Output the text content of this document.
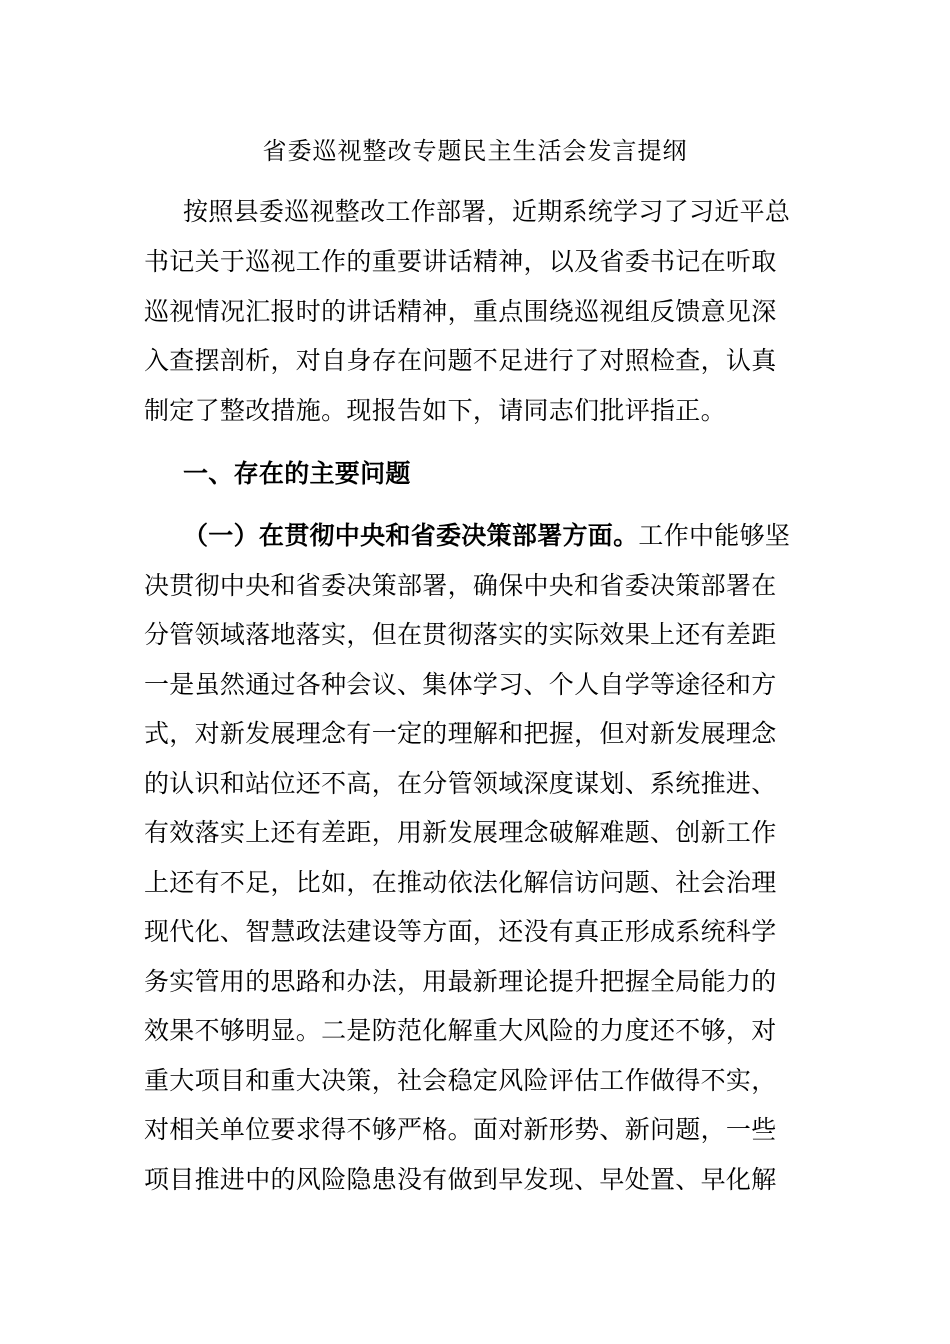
省委巡视整改专题民主生活会发言提纲
按照县委巡视整改工作部署，近期系统学习了习近平总
书记关于巡视工作的重要讲话精神，以及省委书记在听取
巡视情况汇报时的讲话精神，重点围绕巡视组反馈意见深
入查摆剖析，对自身存在问题不足进行了对照检查，认真
制定了整改措施。现报告如下，请同志们批评指正。
一、存在的主要问题
（一）在贯彻中央和省委决策部署方面。工作中能够坚
决贯彻中央和省委决策部署，确保中央和省委决策部署在
分管领域落地落实，但在贯彻落实的实际效果上还有差距
一是虽然通过各种会议、集体学习、个人自学等途径和方
式，对新发展理念有一定的理解和把握，但对新发展理念
的认识和站位还不高，在分管领域深度谋划、系统推进、
有效落实上还有差距，用新发展理念破解难题、创新工作
上还有不足，比如，在推动依法化解信访问题、社会治理
现代化、智慧政法建设等方面，还没有真正形成系统科学
务实管用的思路和办法，用最新理论提升把握全局能力的
效果不够明显。二是防范化解重大风险的力度还不够，对
重大项目和重大决策，社会稳定风险评估工作做得不实，
对相关单位要求得不够严格。面对新形势、新问题，一些
项目推进中的风险隐患没有做到早发现、早处置、早化解
